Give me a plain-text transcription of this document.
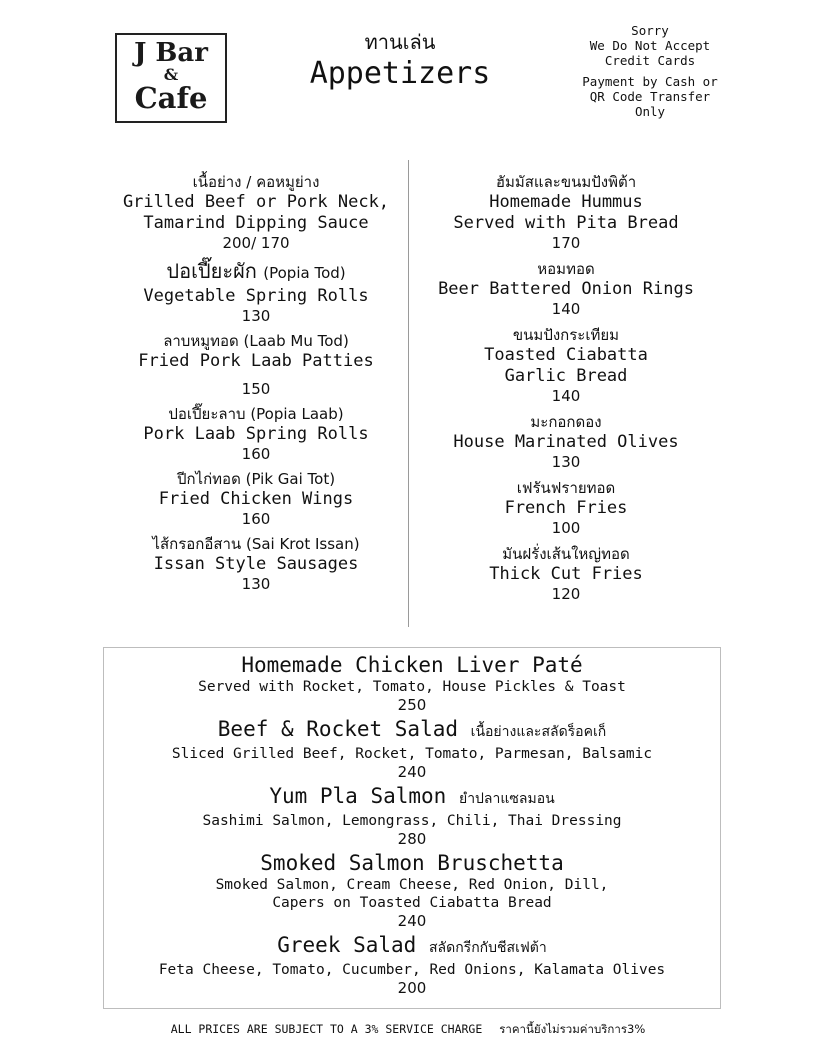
J Bar
&
Cafe
ทานเล่น
Appetizers
Sorry
We Do Not Accept
Credit Cards
Payment by Cash or
QR Code Transfer
Only
เนื้อย่าง / คอหมูย่าง
Grilled Beef or Pork Neck,
Tamarind Dipping Sauce
200/ 170
ปอเปี๊ยะผัก (Popia Tod)
Vegetable Spring Rolls
130
ลาบหมูทอด (Laab Mu Tod)
Fried Pork Laab Patties
150
ปอเปี๊ยะลาบ (Popia Laab)
Pork Laab Spring Rolls
160
ปีกไก่ทอด (Pik Gai Tot)
Fried Chicken Wings
160
ไส้กรอกอีสาน (Sai Krot Issan)
Issan Style Sausages
130
ฮัมมัสและขนมปังพิต้า
Homemade Hummus
Served with Pita Bread
170
หอมทอด
Beer Battered Onion Rings
140
ขนมปังกระเทียม
Toasted Ciabatta
Garlic Bread
140
มะกอกดอง
House Marinated Olives
130
เฟรันฟรายทอด
French Fries
100
มันฝรั่งเส้นใหญ่ทอด
Thick Cut Fries
120
Homemade Chicken Liver Paté
Served with Rocket, Tomato, House Pickles & Toast
250
Beef & Rocket Salad เนื้อย่างและสลัดร็อคเก็
Sliced Grilled Beef, Rocket, Tomato, Parmesan, Balsamic
240
Yum Pla Salmon ยำปลาแซลมอน
Sashimi Salmon, Lemongrass, Chili, Thai Dressing
280
Smoked Salmon Bruschetta
Smoked Salmon, Cream Cheese, Red Onion, Dill,
Capers on Toasted Ciabatta Bread
240
Greek Salad สลัดกรีกกับชีสเฟต้า
Feta Cheese, Tomato, Cucumber, Red Onions, Kalamata Olives
200
ALL PRICES ARE SUBJECT TO A 3% SERVICE CHARGE ราคานี้ยังไม่รวมค่าบริการ3%
